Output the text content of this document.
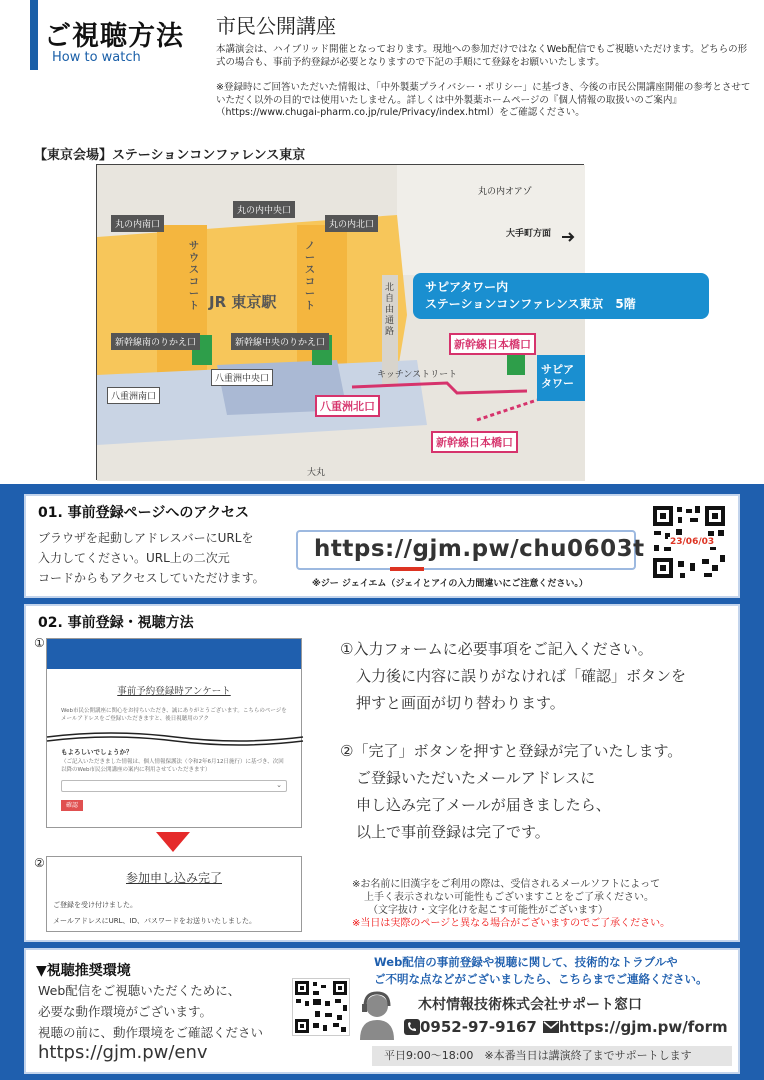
ご視聴方法
How to watch
市民公開講座
本講演会は、ハイブリッド開催となっております。現地への参加だけではなくWeb配信でもご視聴いただけます。どちらの形式の場合も、事前予約登録が必要となりますので下記の手順にて登録をお願いいたします。
※登録時にご回答いただいた情報は、「中外製薬プライバシー・ポリシー」に基づき、今後の市民公開講座開催の参考とさせていただく以外の目的では使用いたしません。詳しくは中外製薬ホームページの『個人情報の取扱いのご案内』（https://www.chugai-pharm.co.jp/rule/Privacy/index.html）をご確認ください。
【東京会場】ステーションコンファレンス東京
丸の内オアゾ
大手町方面
丸の内南口
丸の内中央口
丸の内北口
サウスコート
ノースコート
JR 東京駅
北自由通路
新幹線南のりかえ口	新幹線中央のりかえ口
八重洲中央口
八重洲南口
キッチンストリート
八重洲北口
新幹線日本橋口
新幹線日本橋口
サピアタワー
大丸
サピアタワー内
ステーションコンファレンス東京　5階
01. 事前登録ページへのアクセス
ブラウザを起動しアドレスバーにURLを
入力してください。URL上の二次元
コードからもアクセスしていただけます。
https://gjm.pw/chu0603t
※ジー ジェイエム（ジェイとアイの入力間違いにご注意ください。）
23/06/03
02. 事前登録・視聴方法
①
事前予約登録時アンケート
Web市民公開講座に関心をお持ちいただき、誠にありがとうございます。こちらのページをメールアドレスをご登録いただきますと、後日視聴用のアク
もよろしいでしょうか？
（ご記入いただきました情報は、個人情報保護法（令和2年6月12日施行）に基づき、次回以降のWeb市民公開講座の案内に利用させていただきます）
⌄
確認
②
参加申し込み完了
ご登録を受け付けました。
メールアドレスにURL、ID、パスワードをお送りいたしました。
①入力フォームに必要事項をご記入ください。
入力後に内容に誤りがなければ「確認」ボタンを
押すと画面が切り替わります。
②「完了」ボタンを押すと登録が完了いたします。
ご登録いただいたメールアドレスに
申し込み完了メールが届きましたら、
以上で事前登録は完了です。
※お名前に旧漢字をご利用の際は、受信されるメールソフトによって
上手く表示されない可能性もございますことをご了承ください。
（文字抜け・文字化けを起こす可能性がございます）
※当日は実際のページと異なる場合がございますのでご了承ください。
▼視聴推奨環境
Web配信をご視聴いただくために、
必要な動作環境がございます。
視聴の前に、動作環境をご確認ください
https://gjm.pw/env
Web配信の事前登録や視聴に関して、技術的なトラブルや
ご不明な点などがございましたら、こちらまでご連絡ください。
木村情報技術株式会社サポート窓口
0952-97-9167 https://gjm.pw/form
平日9:00〜18:00　※本番当日は講演終了までサポートします
